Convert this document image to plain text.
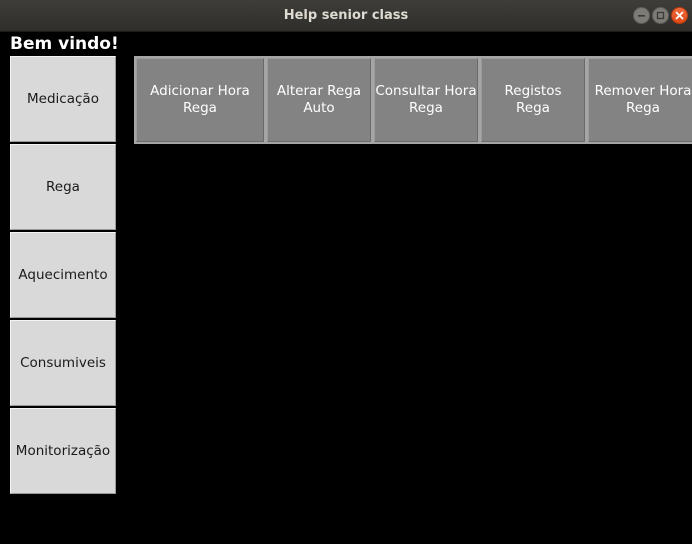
Help senior class
Bem vindo!
Medicação
Rega
Aquecimento
Consumiveis
Monitorização
Adicionar Hora
Rega
Alterar Rega
Auto
Consultar Hora
Rega
Registos
Rega
Remover Hora
Rega
